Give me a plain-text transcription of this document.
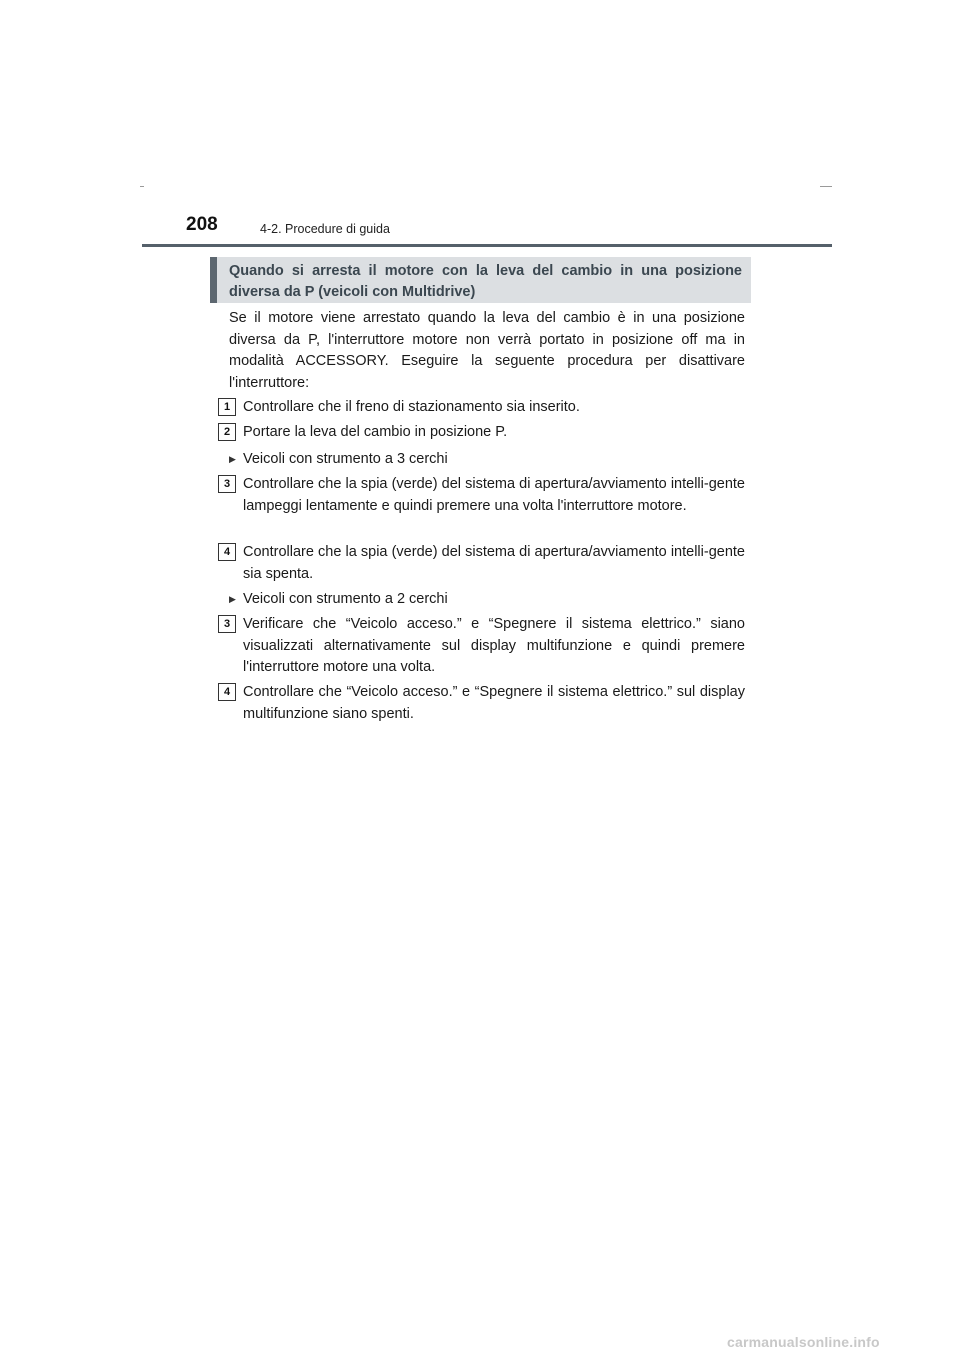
208	4-2. Procedure di guida
Quando si arresta il motore con la leva del cambio in una posizione diversa da P (veicoli con Multidrive)
Se il motore viene arrestato quando la leva del cambio è in una posizione diversa da P, l'interruttore motore non verrà portato in posizione off ma in modalità ACCESSORY. Eseguire la seguente procedura per disattivare l'interruttore:
1 Controllare che il freno di stazionamento sia inserito.
2 Portare la leva del cambio in posizione P.
▶ Veicoli con strumento a 3 cerchi
3 Controllare che la spia (verde) del sistema di apertura/avviamento intelli-gente lampeggi lentamente e quindi premere una volta l'interruttore motore.
4 Controllare che la spia (verde) del sistema di apertura/avviamento intelli-gente sia spenta.
▶ Veicoli con strumento a 2 cerchi
3 Verificare che “Veicolo acceso.” e “Spegnere il sistema elettrico.” siano visualizzati alternativamente sul display multifunzione e quindi premere l'interruttore motore una volta.
4 Controllare che “Veicolo acceso.” e “Spegnere il sistema elettrico.” sul display multifunzione siano spenti.
carmanualsonline.info
